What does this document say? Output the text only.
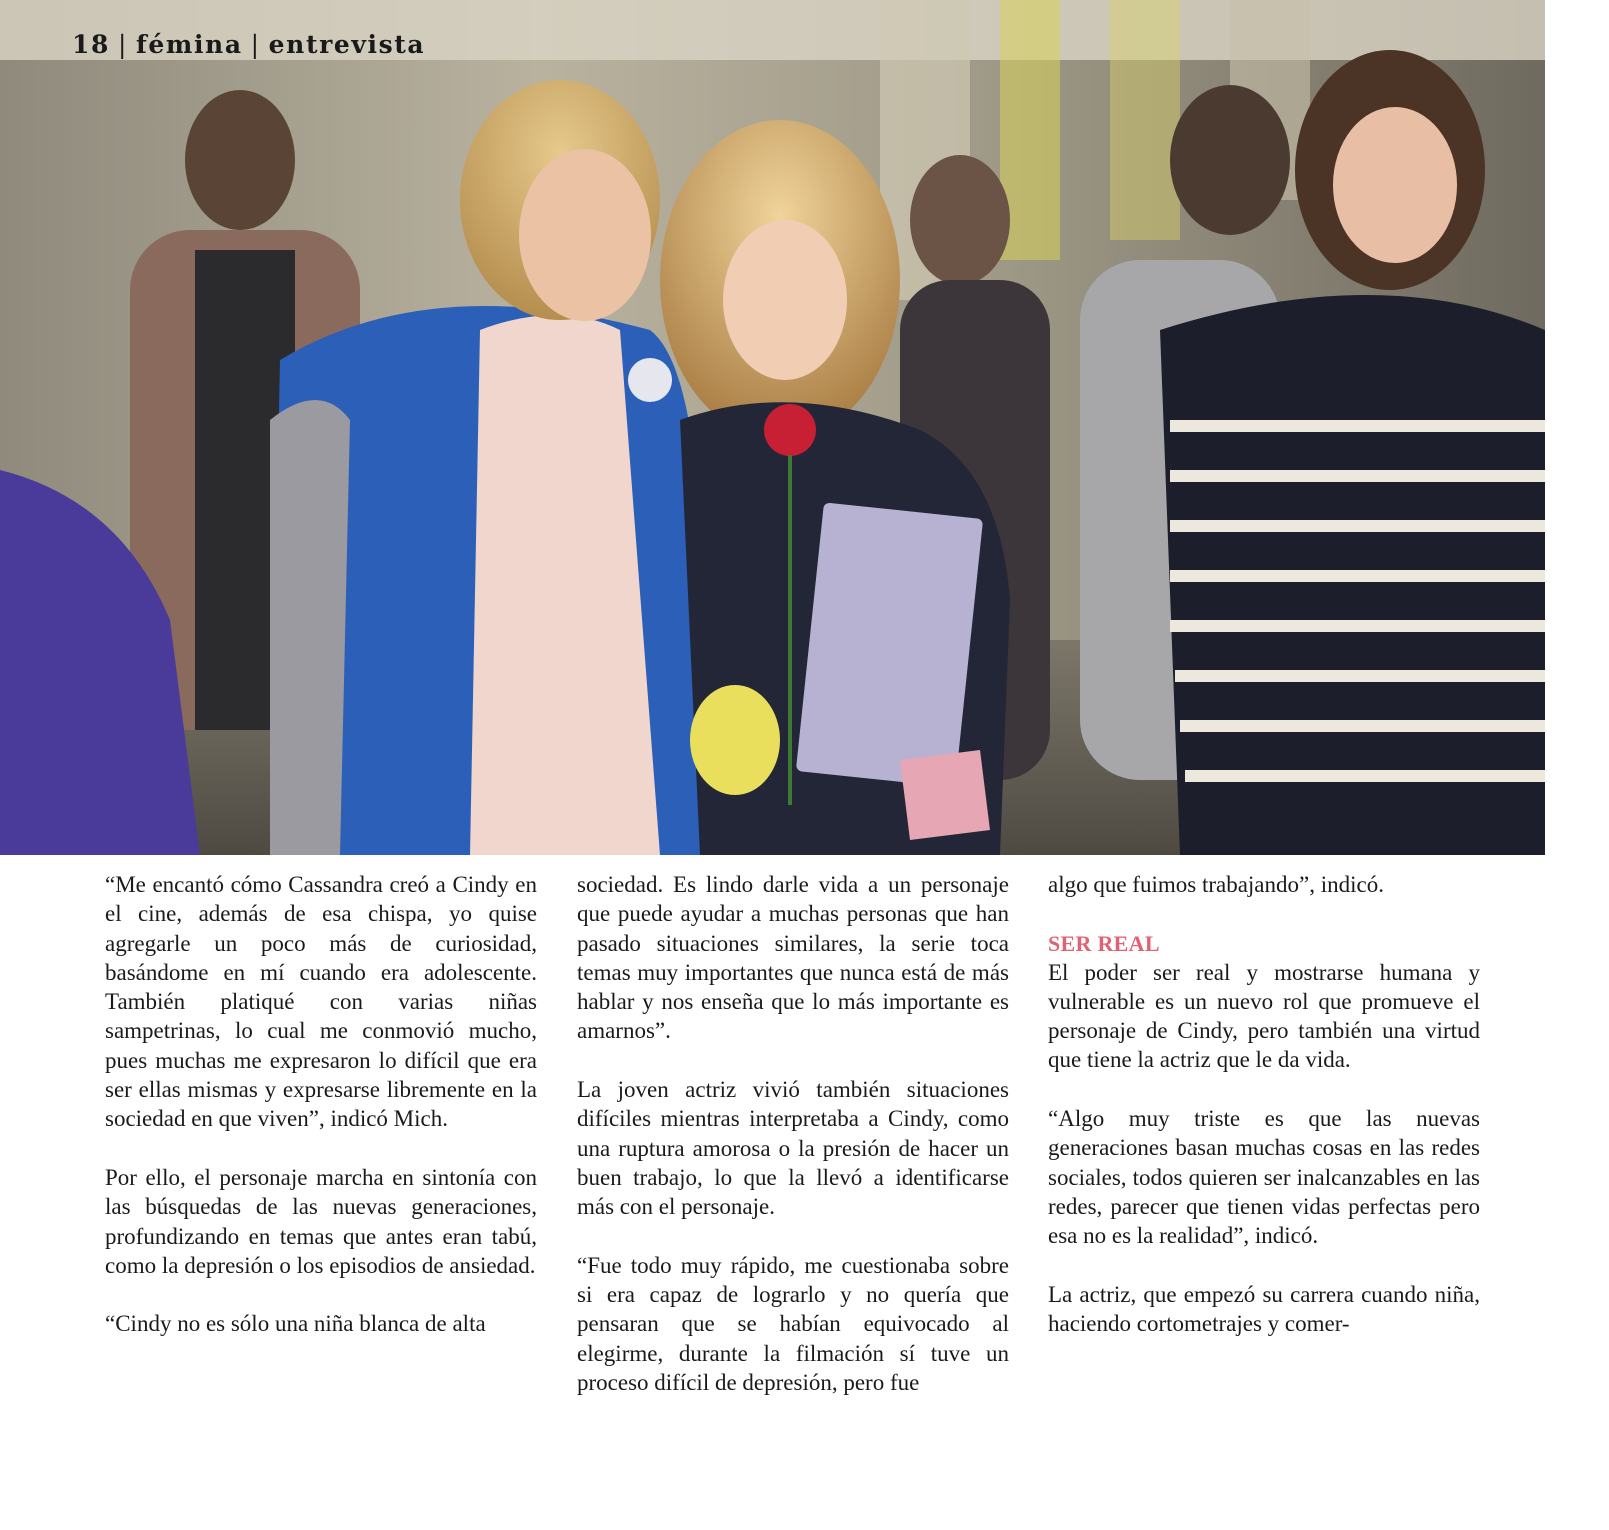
18 | fémina | entrevista

“Me encantó cómo Cassandra creó a Cindy en el cine, además de esa chispa, yo quise agregarle un poco más de curiosidad, basándome en mí cuando era adolescente. También platiqué con varias niñas sampetrinas, lo cual me conmovió mucho, pues muchas me expresaron lo difícil que era ser ellas mismas y expresarse libremente en la sociedad en que viven”, indicó Mich.

Por ello, el personaje marcha en sintonía con las búsquedas de las nuevas generaciones, profundizando en temas que antes eran tabú, como la depresión o los episodios de ansiedad.

“Cindy no es sólo una niña blanca de alta

sociedad. Es lindo darle vida a un personaje que puede ayudar a muchas personas que han pasado situaciones similares, la serie toca temas muy importantes que nunca está de más hablar y nos enseña que lo más importante es amarnos”.

La joven actriz vivió también situaciones difíciles mientras interpretaba a Cindy, como una ruptura amorosa o la presión de hacer un buen trabajo, lo que la llevó a identificarse más con el personaje.

“Fue todo muy rápido, me cuestionaba sobre si era capaz de lograrlo y no quería que pensaran que se habían equivocado al elegirme, durante la filmación sí tuve un proceso difícil de depresión, pero fue

algo que fuimos trabajando”, indicó.

SER REAL

El poder ser real y mostrarse humana y vulnerable es un nuevo rol que promueve el personaje de Cindy, pero también una virtud que tiene la actriz que le da vida.

“Algo muy triste es que las nuevas generaciones basan muchas cosas en las redes sociales, todos quieren ser inalcanzables en las redes, parecer que tienen vidas perfectas pero esa no es la realidad”, indicó.

La actriz, que empezó su carrera cuando niña, haciendo cortometrajes y comer-
